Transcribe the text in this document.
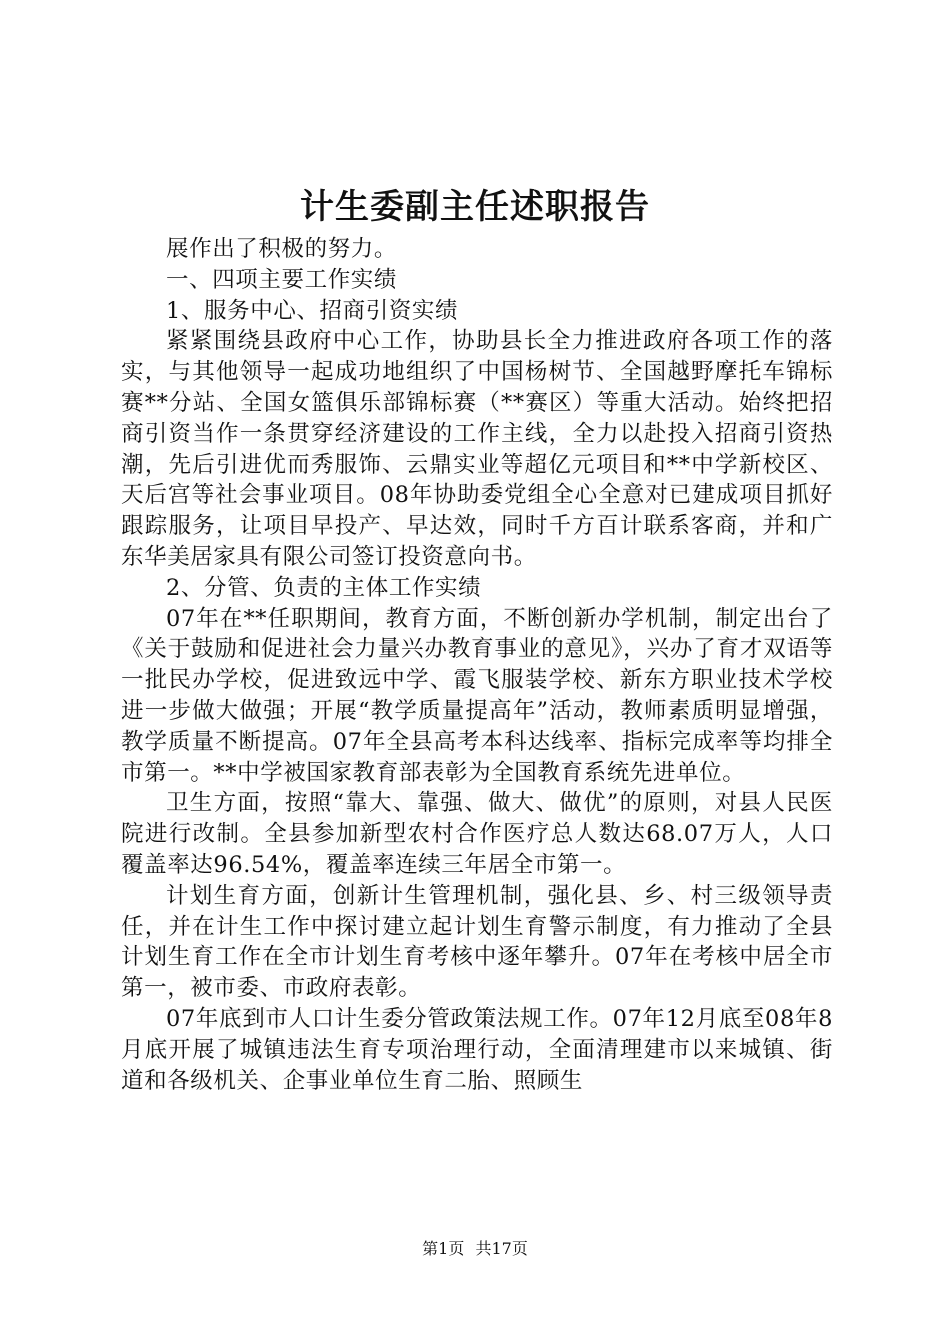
计生委副主任述职报告

展作出了积极的努力。

一、四项主要工作实绩

1、服务中心、招商引资实绩

紧紧围绕县政府中心工作，协助县长全力推进政府各项工作的落实，与其他领导一起成功地组织了中国杨树节、全国越野摩托车锦标赛**分站、全国女篮俱乐部锦标赛（**赛区）等重大活动。始终把招商引资当作一条贯穿经济建设的工作主线，全力以赴投入招商引资热潮，先后引进优而秀服饰、云鼎实业等超亿元项目和**中学新校区、天后宫等社会事业项目。08年协助委党组全心全意对已建成项目抓好跟踪服务，让项目早投产、早达效，同时千方百计联系客商，并和广东华美居家具有限公司签订投资意向书。

2、分管、负责的主体工作实绩

07年在**任职期间，教育方面，不断创新办学机制，制定出台了《关于鼓励和促进社会力量兴办教育事业的意见》，兴办了育才双语等一批民办学校，促进致远中学、霞飞服装学校、新东方职业技术学校进一步做大做强；开展“教学质量提高年”活动，教师素质明显增强，教学质量不断提高。07年全县高考本科达线率、指标完成率等均排全市第一。**中学被国家教育部表彰为全国教育系统先进单位。

卫生方面，按照“靠大、靠强、做大、做优”的原则，对县人民医院进行改制。全县参加新型农村合作医疗总人数达68.07万人，人口覆盖率达96.54%，覆盖率连续三年居全市第一。

计划生育方面，创新计生管理机制，强化县、乡、村三级领导责任，并在计生工作中探讨建立起计划生育警示制度，有力推动了全县计划生育工作在全市计划生育考核中逐年攀升。07年在考核中居全市第一，被市委、市政府表彰。

07年底到市人口计生委分管政策法规工作。07年12月底至08年8月底开展了城镇违法生育专项治理行动，全面清理建市以来城镇、街道和各级机关、企事业单位生育二胎、照顾生

第1页 共17页
